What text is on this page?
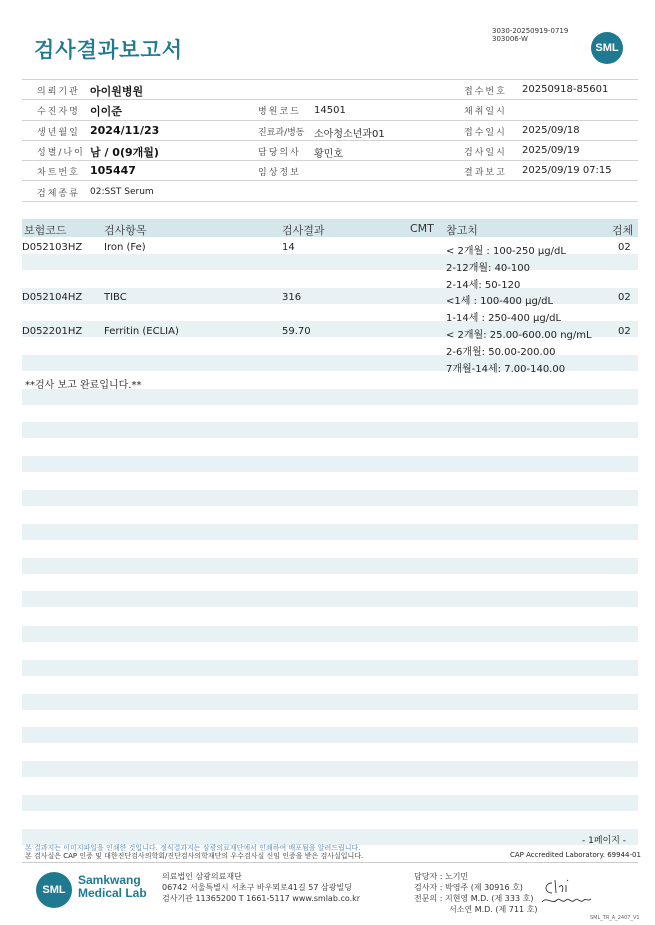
검사결과보고서
3030-20250919-0719
303006-W
SML
의뢰기관 아이원병원	접수번호 20250918-85601
수진자명 이이준	병원코드 14501	채취일시
생년월일 2024/11/23	진료과/병동 소아청소년과01	접수일시 2025/09/18
성별/나이 남 / 0(9개월)	담당의사 황민호	검사일시 2025/09/19
차트번호 105447	임상정보	결과보고 2025/09/19 07:15
검체종류 02:SST Serum
보험코드	검사항목	검사결과	CMT 참고치	검체
D052103HZ Iron (Fe)	14	< 2개월 : 100-250 μg/dL	02
2-12개월: 40-100
2-14세: 50-120
D052104HZ TIBC	316	<1세 : 100-400 μg/dL	02
1-14세 : 250-400 μg/dL
D052201HZ Ferritin (ECLIA)	59.70	< 2개월: 25.00-600.00 ng/mL	02
2-6개월: 50.00-200.00
7개월-14세: 7.00-140.00
**검사 보고 완료입니다.**
- 1페이지 -
본 결과지는 이미지파일을 인쇄한 것입니다. 정식결과지는 삼광의료재단에서 인쇄하여 배포됨을 알려드립니다.
본 검사실은 CAP 인증 및 대한진단검사의학회/진단검사의학재단의 우수검사실 신임 인증을 받은 검사실입니다.	CAP Accredited Laboratory. 69944-01
SML
Samkwang
Medical Lab
의료법인 삼광의료재단
06742 서울특별시 서초구 바우뫼로41길 57 삼광빌딩
검사기관 11365200 T 1661-5117 www.smlab.co.kr
담당자 : 노기민
검사자 : 박영주 (제 30916 호)
전문의 : 지현영 M.D. (제 333 호)
서소연 M.D. (제 711 호)
SML_TR_A_2407_V1
